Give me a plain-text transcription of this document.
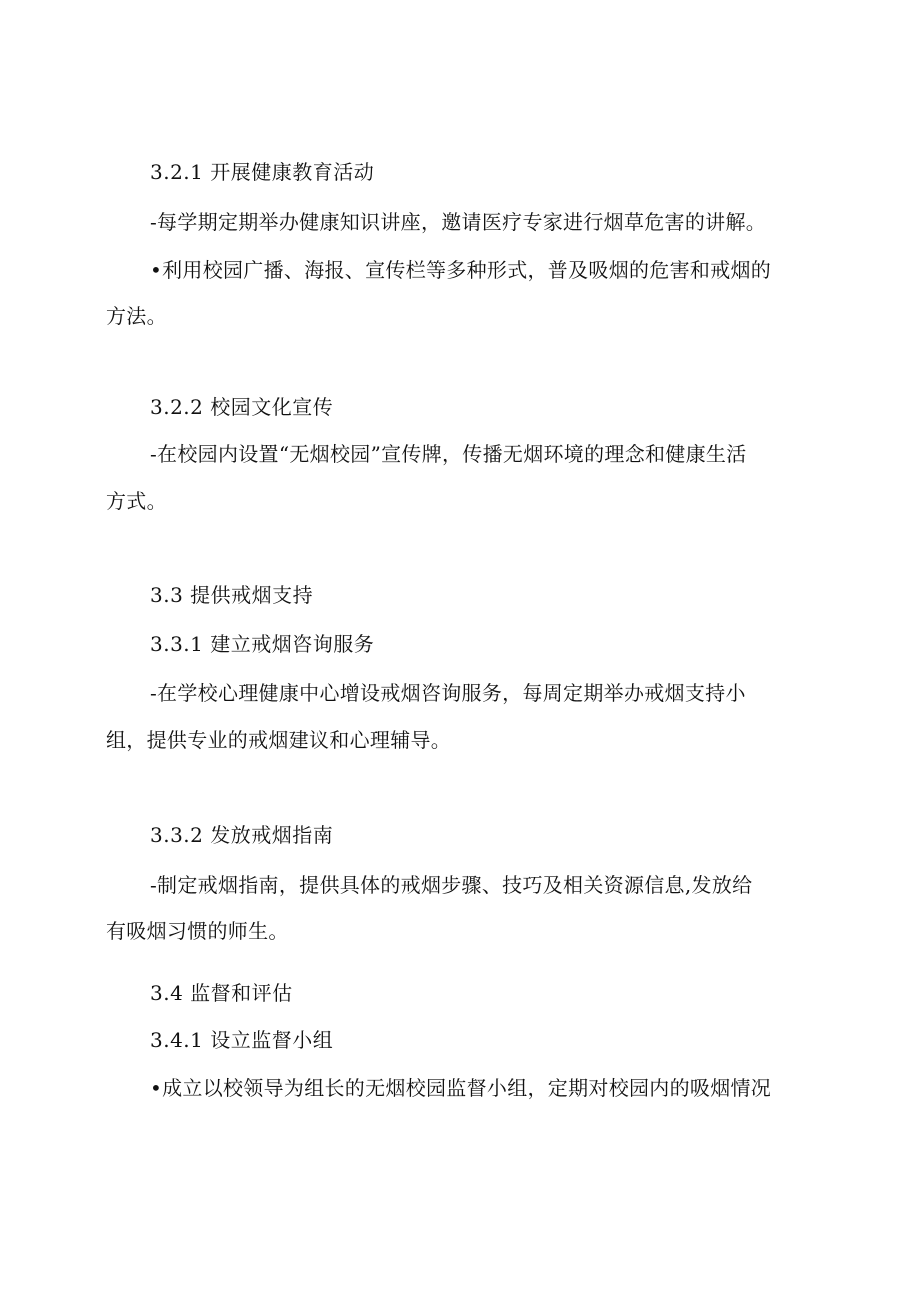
3.2.1 开展健康教育活动
-每学期定期举办健康知识讲座，邀请医疗专家进行烟草危害的讲解。
•利用校园广播、海报、宣传栏等多种形式，普及吸烟的危害和戒烟的
方法。
3.2.2 校园文化宣传
-在校园内设置“无烟校园”宣传牌，传播无烟环境的理念和健康生活
方式。
3.3 提供戒烟支持
3.3.1 建立戒烟咨询服务
-在学校心理健康中心增设戒烟咨询服务，每周定期举办戒烟支持小
组，提供专业的戒烟建议和心理辅导。
3.3.2 发放戒烟指南
-制定戒烟指南，提供具体的戒烟步骤、技巧及相关资源信息,发放给
有吸烟习惯的师生。
3.4 监督和评估
3.4.1 设立监督小组
•成立以校领导为组长的无烟校园监督小组，定期对校园内的吸烟情况
